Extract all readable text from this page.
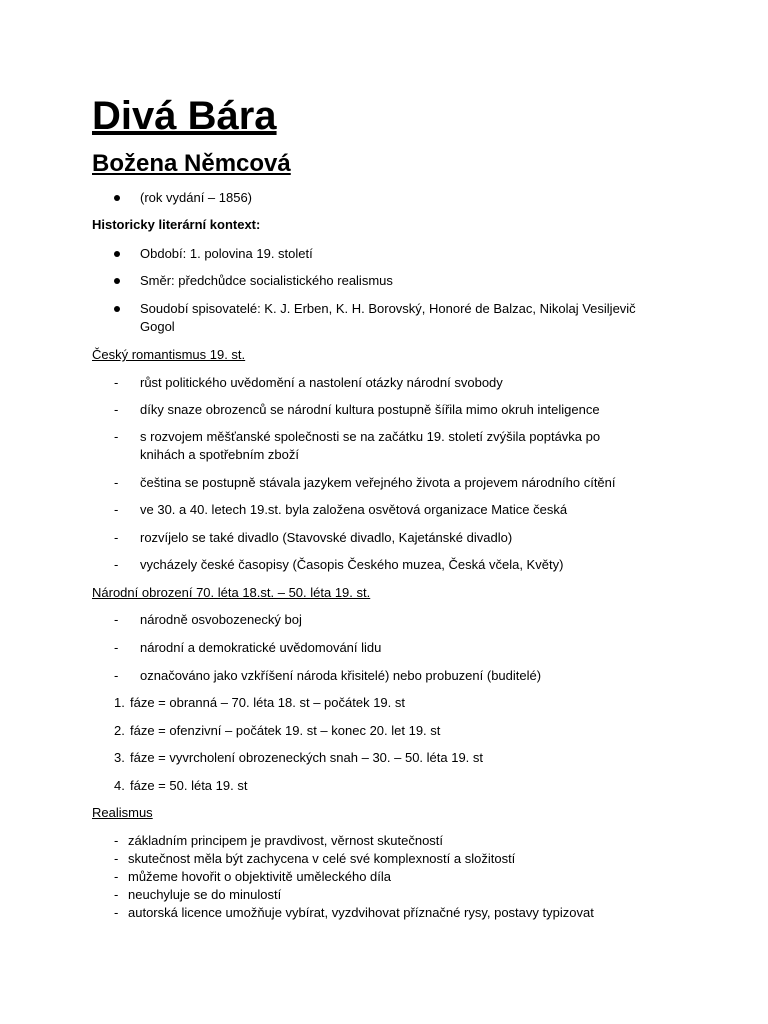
Divá Bára
Božena Němcová

(rok vydání – 1856)

Historicky literární kontext:

Období: 1. polovina 19. století

Směr: předchůdce socialistického realismus

Soudobí spisovatelé: K. J. Erben, K. H. Borovský, Honoré de Balzac, Nikolaj Vesiljevič

Gogol

Český romantismus 19. st.

- růst politického uvědomění a nastolení otázky národní svobody

- díky snaze obrozenců se národní kultura postupně šířila mimo okruh inteligence

- s rozvojem měšťanské společnosti se na začátku 19. století zvýšila poptávka po

knihách a spotřebním zboží

- čeština se postupně stávala jazykem veřejného života a projevem národního cítění

- ve 30. a 40. letech 19.st. byla založena osvětová organizace Matice česká

- rozvíjelo se také divadlo (Stavovské divadlo, Kajetánské divadlo)

- vycházely české časopisy (Časopis Českého muzea, Česká včela, Květy)

Národní obrození 70. léta 18.st. – 50. léta 19. st.

- národně osvobozenecký boj

- národní a demokratické uvědomování lidu

- označováno jako vzkříšení národa křisitelé) nebo probuzení (buditelé)

1. fáze = obranná – 70. léta 18. st – počátek 19. st

2. fáze = ofenzivní – počátek 19. st – konec 20. let 19. st

3. fáze = vyvrcholení obrozeneckých snah – 30. – 50. léta 19. st

4. fáze = 50. léta 19. st

Realismus

- základním principem je pravdivost, věrnost skutečností

- skutečnost měla být zachycena v celé své komplexností a složitostí

- můžeme hovořit o objektivitě uměleckého díla

- neuchyluje se do minulostí

- autorská licence umožňuje vybírat, vyzdvihovat příznačné rysy, postavy typizovat
